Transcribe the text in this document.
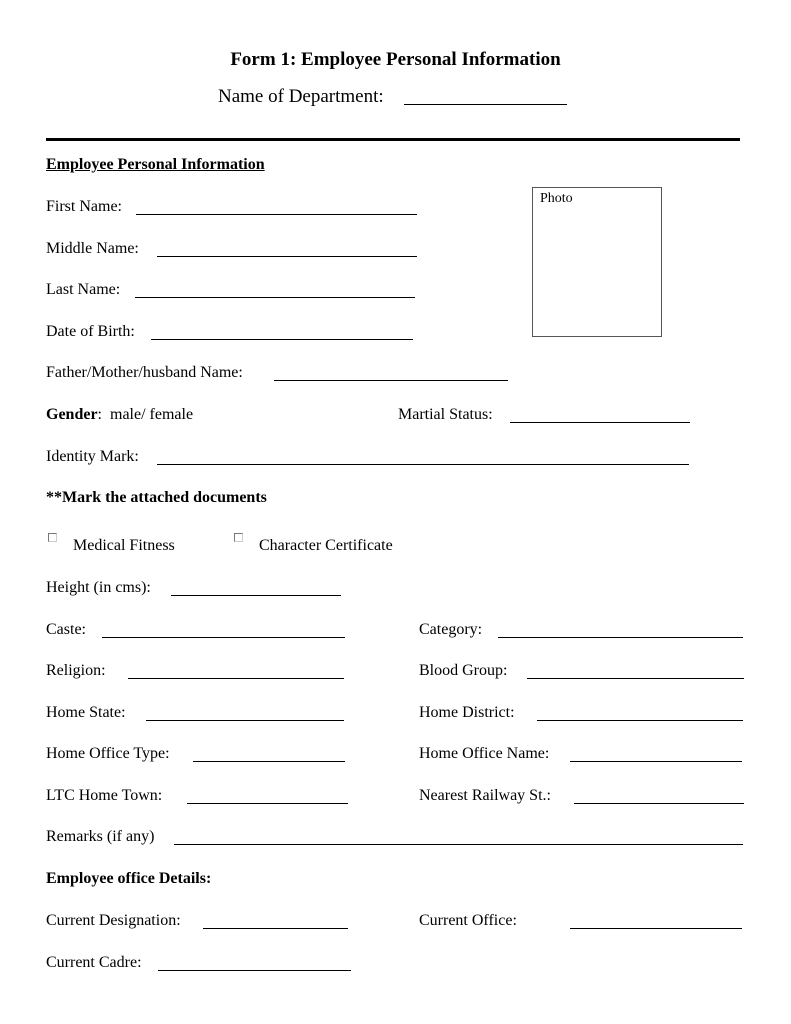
Form 1: Employee Personal Information
Name of Department:
Employee Personal Information
Photo
First Name:
Middle Name:
Last Name:
Date of Birth:
Father/Mother/husband Name:
Gender:  male/ female	Martial Status:
Identity Mark:
**Mark the attached documents
Medical Fitness	Character Certificate
Height (in cms):
Caste:	Category:
Religion:	Blood Group:
Home State:	Home District:
Home Office Type:	Home Office Name:
LTC Home Town:	Nearest Railway St.:
Remarks (if any)
Employee office Details:
Current Designation:	Current Office:
Current Cadre:
